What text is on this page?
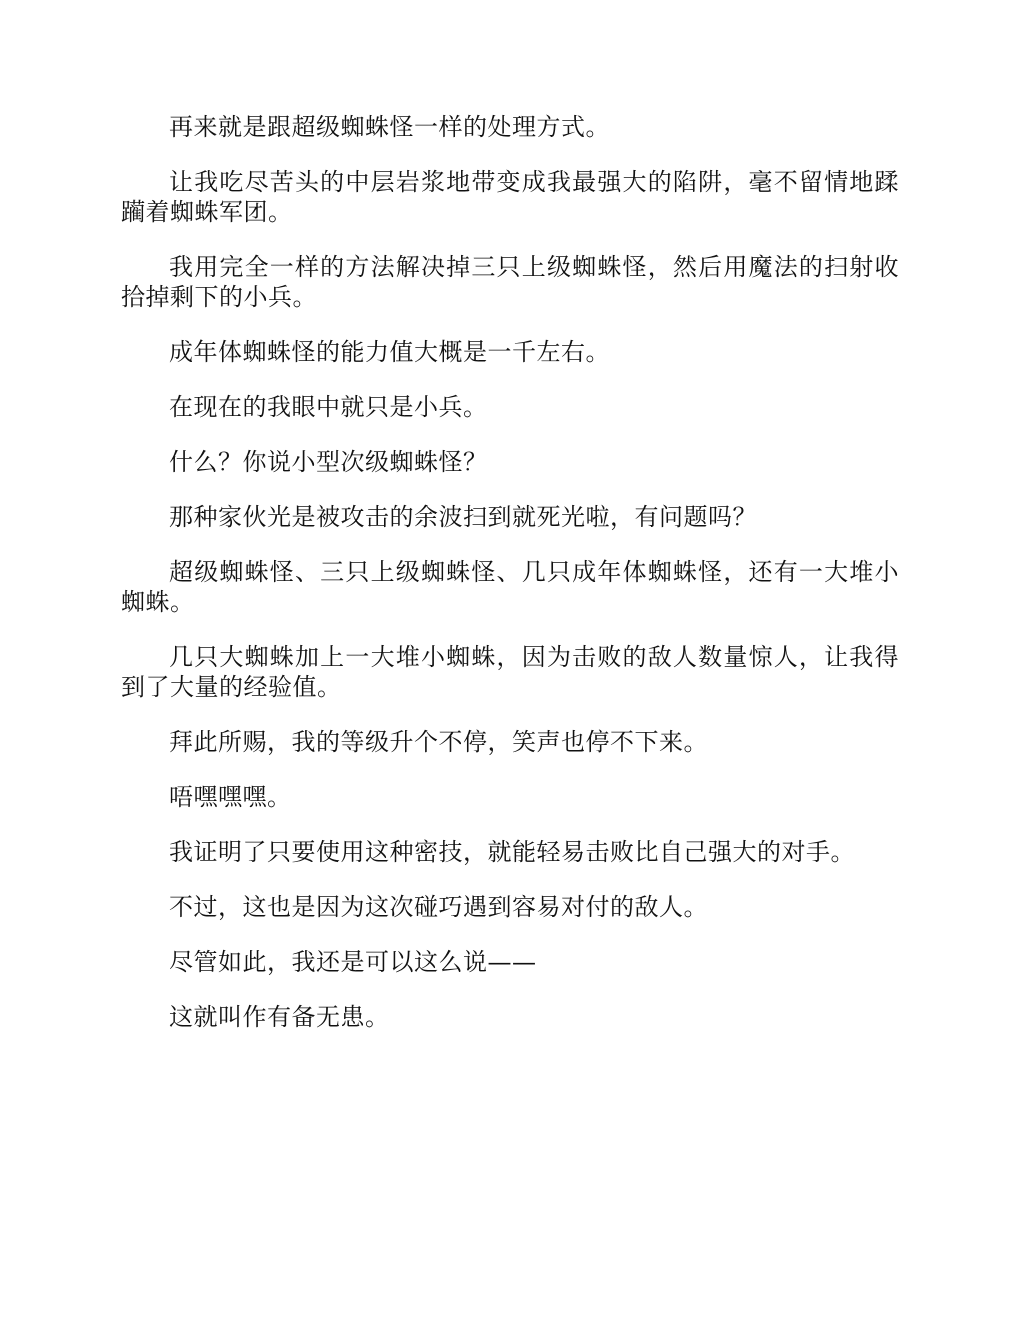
再来就是跟超级蜘蛛怪一样的处理方式。

让我吃尽苦头的中层岩浆地带变成我最强大的陷阱，毫不留情地蹂躏着蜘蛛军团。

我用完全一样的方法解决掉三只上级蜘蛛怪，然后用魔法的扫射收拾掉剩下的小兵。

成年体蜘蛛怪的能力值大概是一千左右。

在现在的我眼中就只是小兵。

什么？你说小型次级蜘蛛怪？

那种家伙光是被攻击的余波扫到就死光啦，有问题吗？

超级蜘蛛怪、三只上级蜘蛛怪、几只成年体蜘蛛怪，还有一大堆小蜘蛛。

几只大蜘蛛加上一大堆小蜘蛛，因为击败的敌人数量惊人，让我得到了大量的经验值。

拜此所赐，我的等级升个不停，笑声也停不下来。

唔嘿嘿嘿。

我证明了只要使用这种密技，就能轻易击败比自己强大的对手。

不过，这也是因为这次碰巧遇到容易对付的敌人。

尽管如此，我还是可以这么说——

这就叫作有备无患。
